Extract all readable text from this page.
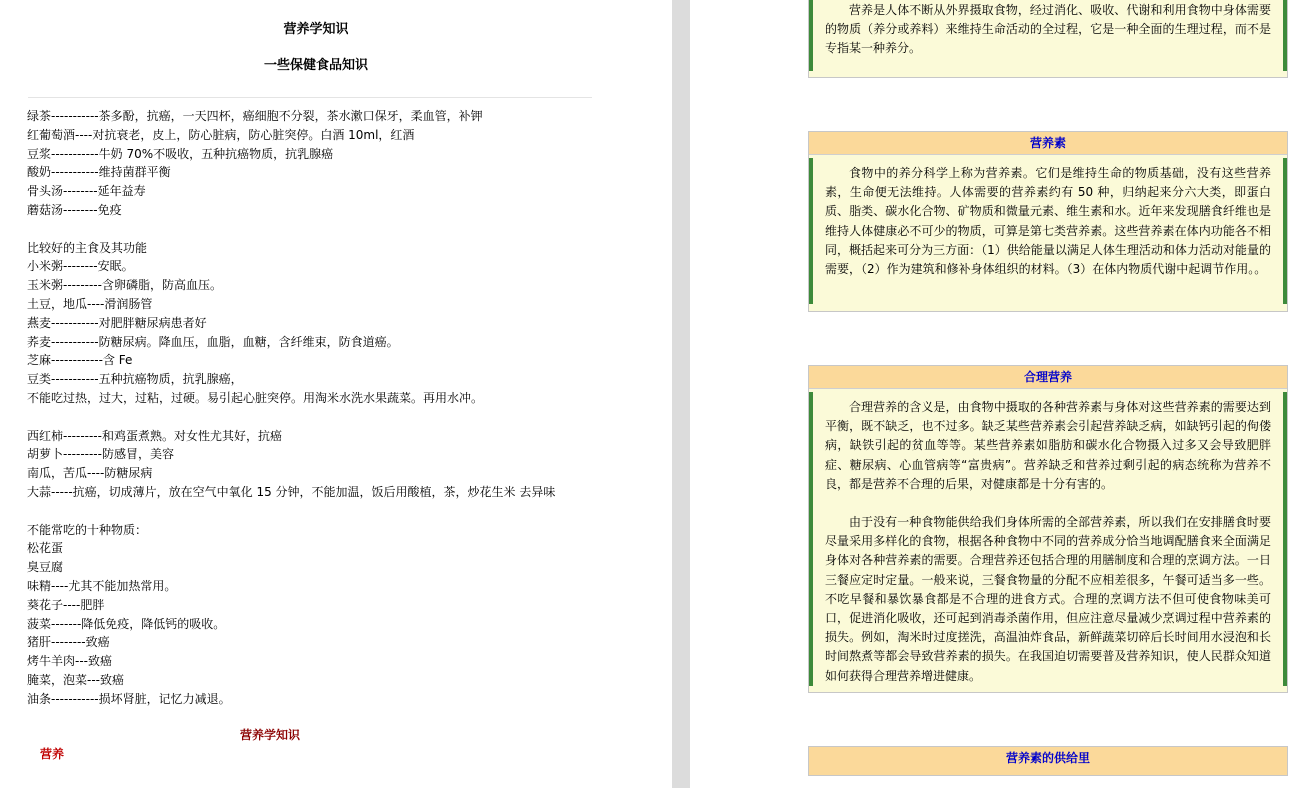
营养学知识
一些保健食品知识
绿茶-----------茶多酚，抗癌，一天四杯，癌细胞不分裂，茶水漱口保牙，柔血管，补钾
红葡萄酒----对抗衰老，皮上，防心脏病，防心脏突停。白酒 10ml，红酒
豆浆-----------牛奶 70%不吸收，五种抗癌物质，抗乳腺癌
酸奶-----------维持菌群平衡
骨头汤--------延年益寿
蘑菇汤--------免疫
比较好的主食及其功能
小米粥--------安眠。
玉米粥---------含卵磷脂，防高血压。
土豆，地瓜----滑润肠管
燕麦-----------对肥胖糖尿病患者好
荞麦-----------防糖尿病。降血压，血脂，血糖，含纤维束，防食道癌。
芝麻------------含 Fe
豆类-----------五种抗癌物质，抗乳腺癌，
不能吃过热，过大，过粘，过硬。易引起心脏突停。用淘米水洗水果蔬菜。再用水冲。
西红柿---------和鸡蛋煮熟。对女性尤其好，抗癌
胡萝卜---------防感冒，美容
南瓜，苦瓜----防糖尿病
大蒜-----抗癌，切成薄片，放在空气中氧化 15 分钟，不能加温，饭后用酸植，茶，炒花生米 去异味
不能常吃的十种物质：
松花蛋
臭豆腐
味精----尤其不能加热常用。
葵花子----肥胖
菠菜-------降低免疫，降低钙的吸收。
猪肝--------致癌
烤牛羊肉---致癌
腌菜，泡菜---致癌
油条-----------损坏肾脏，记忆力减退。
营养学知识
营养

营养是人体不断从外界摄取食物，经过消化、吸收、代谢和利用食物中身体需要的物质（养分或养料）来维持生命活动的全过程，它是一种全面的生理过程，而不是专指某一种养分。

营养素

食物中的养分科学上称为营养素。它们是维持生命的物质基础，没有这些营养素，生命便无法维持。人体需要的营养素约有 50 种，归纳起来分六大类，即蛋白质、脂类、碳水化合物、矿物质和微量元素、维生素和水。近年来发现膳食纤维也是维持人体健康必不可少的物质，可算是第七类营养素。这些营养素在体内功能各不相同，概括起来可分为三方面：（1）供给能量以满足人体生理活动和体力活动对能量的需要，（2）作为建筑和修补身体组织的材料。（3）在体内物质代谢中起调节作用。。

合理营养

合理营养的含义是，由食物中摄取的各种营养素与身体对这些营养素的需要达到平衡，既不缺乏，也不过多。缺乏某些营养素会引起营养缺乏病，如缺钙引起的佝偻病，缺铁引起的贫血等等。某些营养素如脂肪和碳水化合物摄入过多又会导致肥胖症、糖尿病、心血管病等“富贵病”。营养缺乏和营养过剩引起的病态统称为营养不良，都是营养不合理的后果，对健康都是十分有害的。

由于没有一种食物能供给我们身体所需的全部营养素，所以我们在安排膳食时要尽量采用多样化的食物，根据各种食物中不同的营养成分恰当地调配膳食来全面满足身体对各种营养素的需要。合理营养还包括合理的用膳制度和合理的烹调方法。一日三餐应定时定量。一般来说，三餐食物量的分配不应相差很多，午餐可适当多一些。不吃早餐和暴饮暴食都是不合理的进食方式。合理的烹调方法不但可使食物味美可口，促进消化吸收，还可起到消毒杀菌作用，但应注意尽量减少烹调过程中营养素的损失。例如，淘米时过度搓洗，高温油炸食品，新鲜蔬菜切碎后长时间用水浸泡和长时间熬煮等都会导致营养素的损失。在我国迫切需要普及营养知识，使人民群众知道如何获得合理营养增进健康。

营养素的供给里
